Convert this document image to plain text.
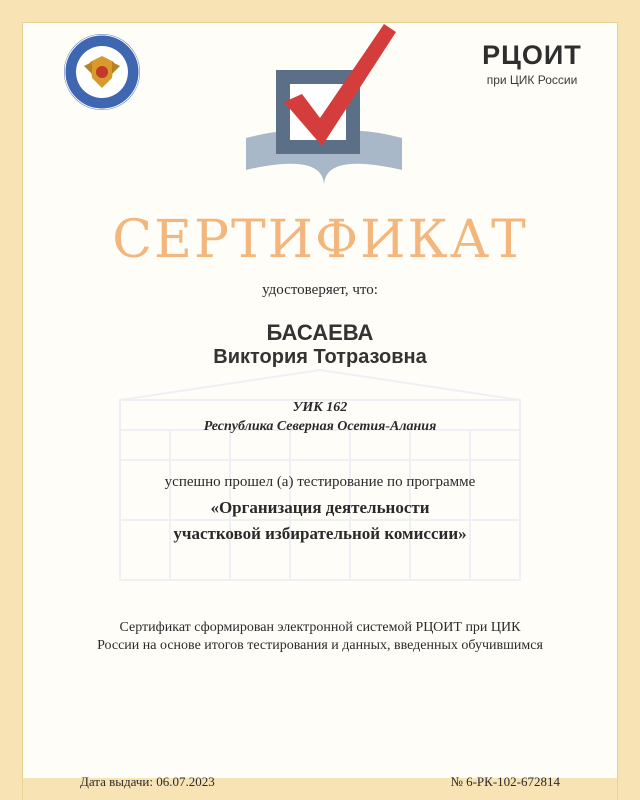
РЦОИТ
при ЦИК России
СЕРТИФИКАТ
удостоверяет, что:
БАСАЕВА
Виктория Тотразовна
УИК 162
Республика Северная Осетия-Алания
успешно прошел (а) тестирование по программе
«Организация деятельности
участковой избирательной комиссии»
Сертификат сформирован электронной системой РЦОИТ при ЦИК
России на основе итогов тестирования и данных, введенных обучившимся
Дата выдачи: 06.07.2023	№ 6-РК-102-672814
